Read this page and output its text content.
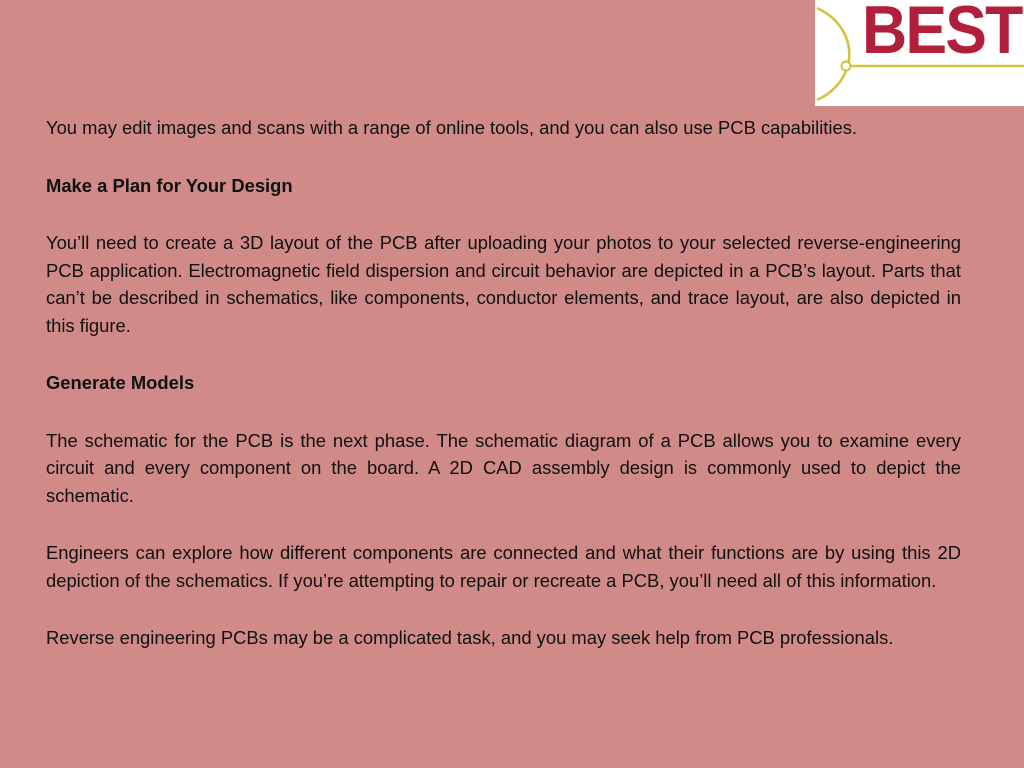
BEST

You may edit images and scans with a range of online tools, and you can also use PCB capabilities.

Make a Plan for Your Design

You’ll need to create a 3D layout of the PCB after uploading your photos to your selected reverse-engineering PCB application. Electromagnetic field dispersion and circuit behavior are depicted in a PCB’s layout. Parts that can’t be described in schematics, like components, conductor elements, and trace layout, are also depicted in this figure.

Generate Models

The schematic for the PCB is the next phase. The schematic diagram of a PCB allows you to examine every circuit and every component on the board. A 2D CAD assembly design is commonly used to depict the schematic.

Engineers can explore how different components are connected and what their functions are by using this 2D depiction of the schematics. If you’re attempting to repair or recreate a PCB, you’ll need all of this information.

Reverse engineering PCBs may be a complicated task, and you may seek help from PCB professionals.
